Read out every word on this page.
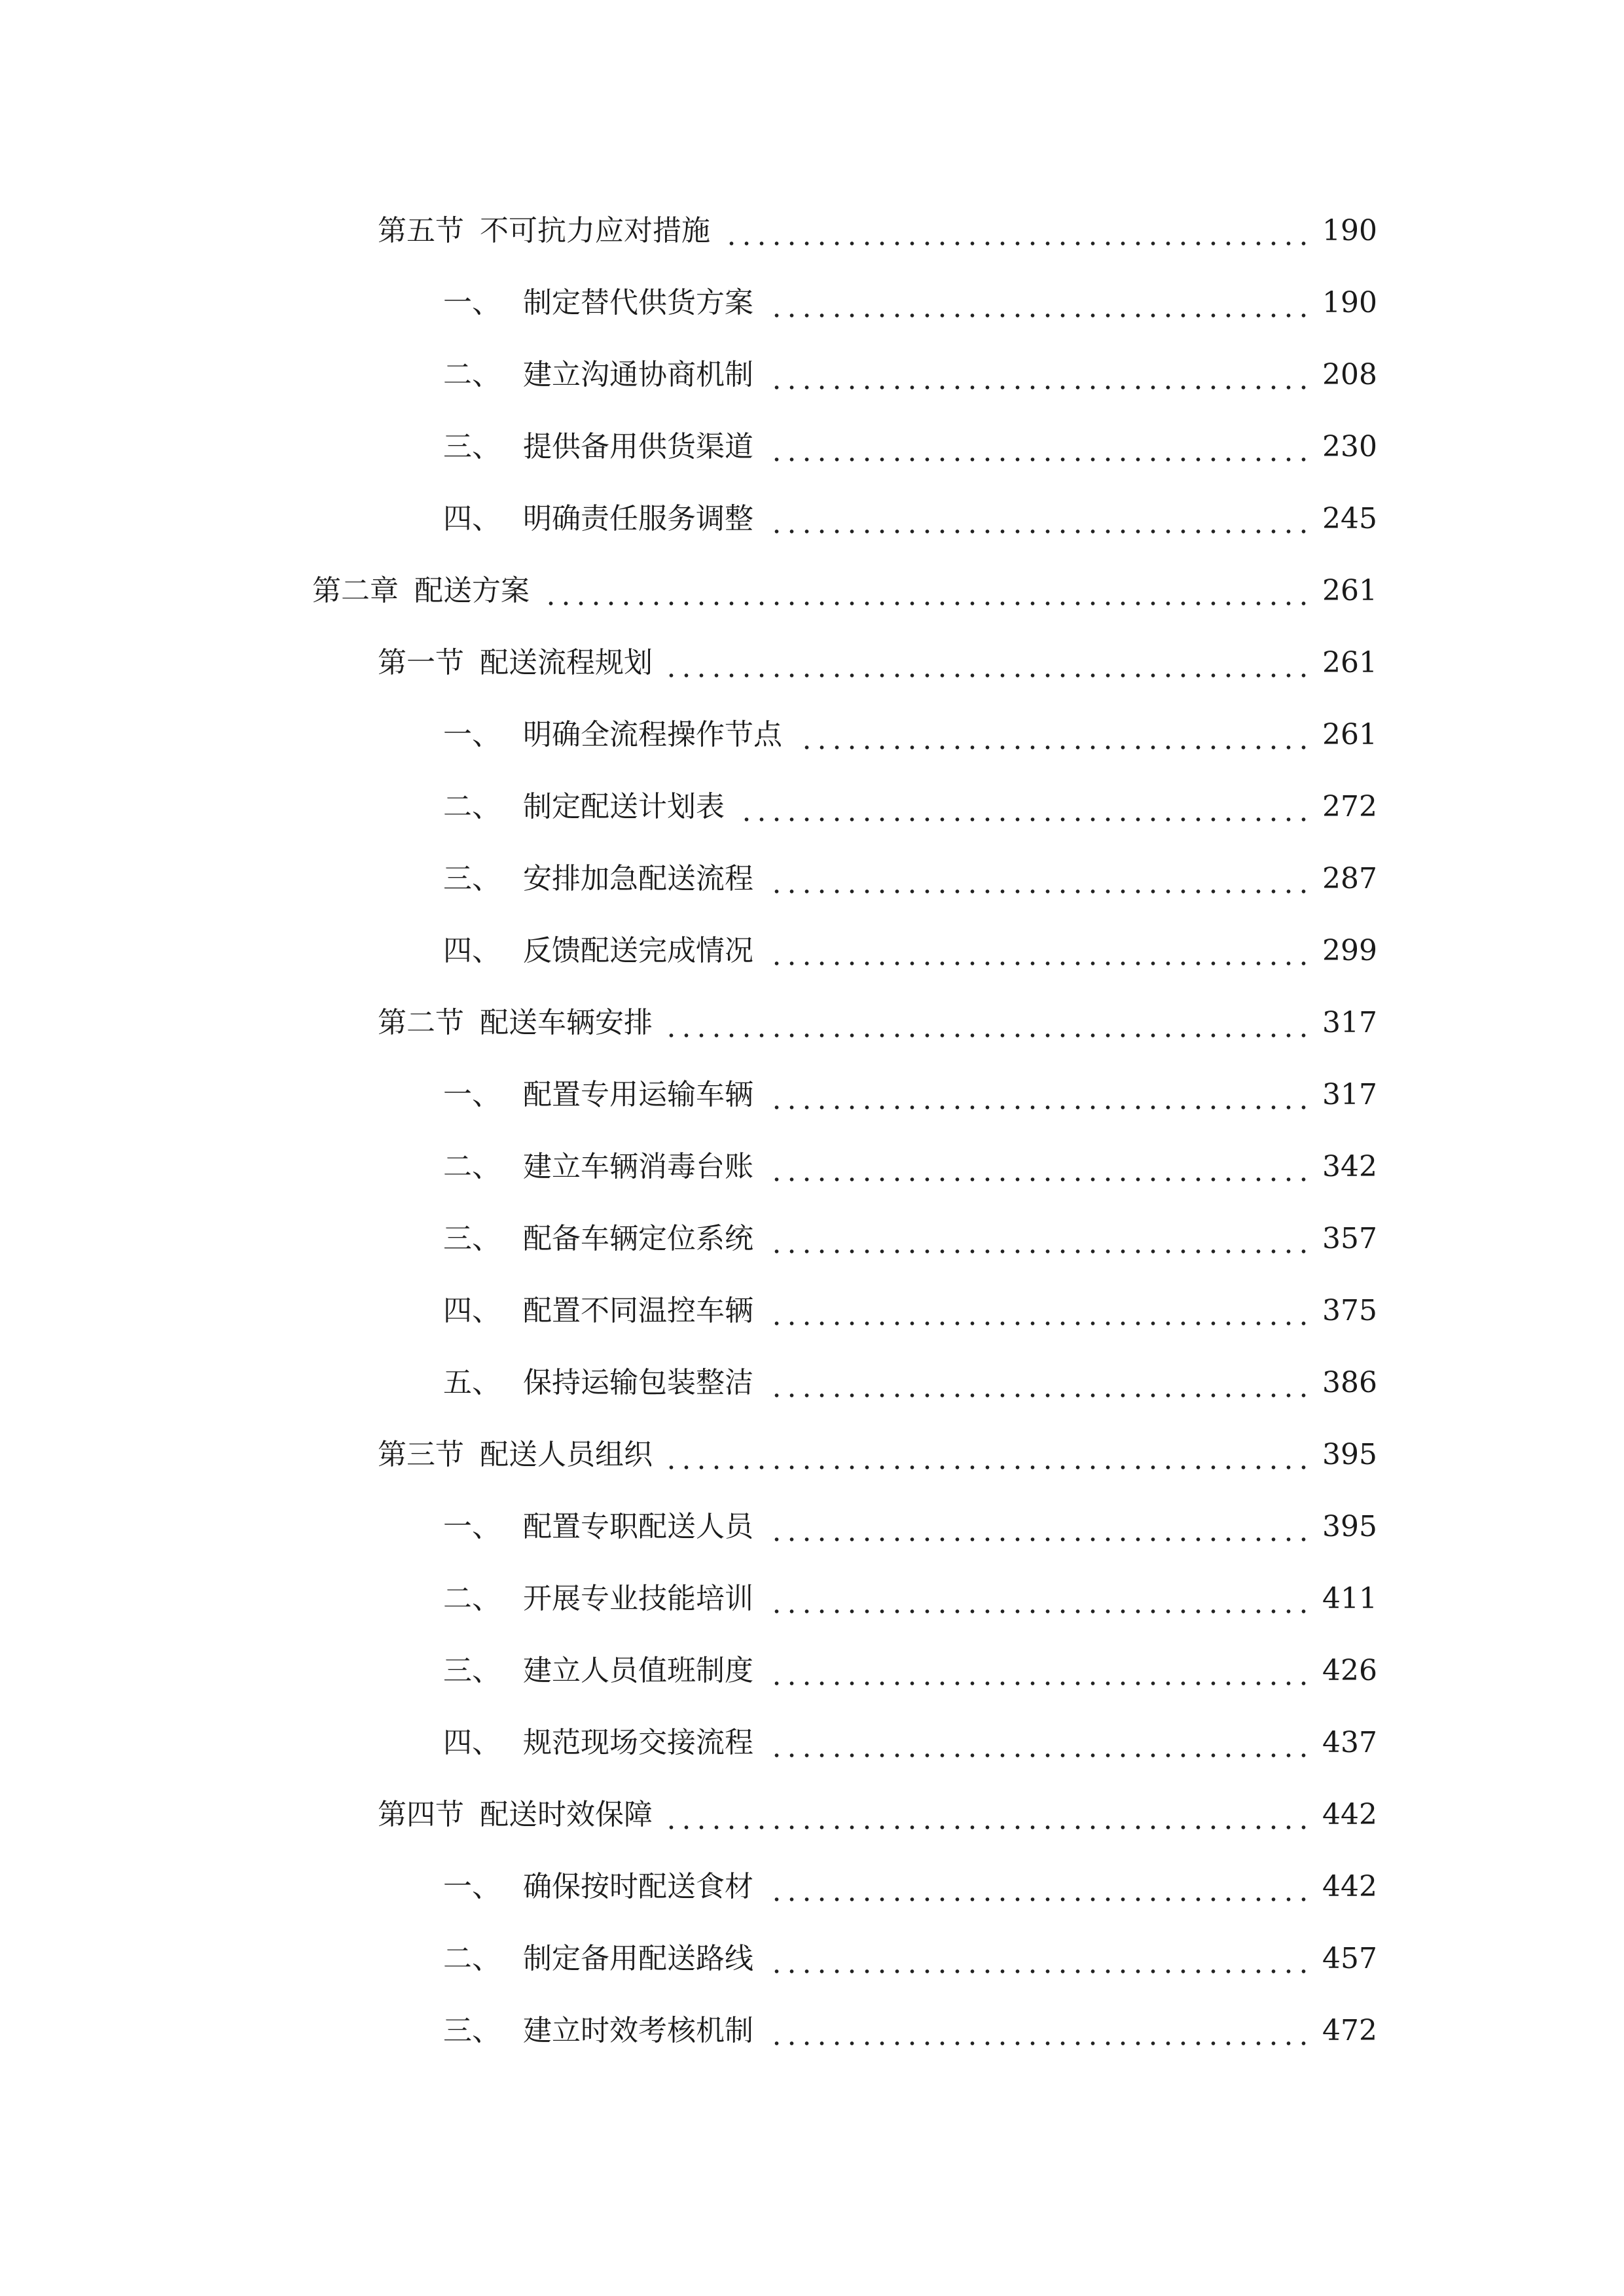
第五节 不可抗力应对措施	190
一、 制定替代供货方案	190
二、 建立沟通协商机制	208
三、 提供备用供货渠道	230
四、 明确责任服务调整	245
第二章 配送方案	261
第一节 配送流程规划	261
一、 明确全流程操作节点	261
二、 制定配送计划表	272
三、 安排加急配送流程	287
四、 反馈配送完成情况	299
第二节 配送车辆安排	317
一、 配置专用运输车辆	317
二、 建立车辆消毒台账	342
三、 配备车辆定位系统	357
四、 配置不同温控车辆	375
五、 保持运输包装整洁	386
第三节 配送人员组织	395
一、 配置专职配送人员	395
二、 开展专业技能培训	411
三、 建立人员值班制度	426
四、 规范现场交接流程	437
第四节 配送时效保障	442
一、 确保按时配送食材	442
二、 制定备用配送路线	457
三、 建立时效考核机制	472
